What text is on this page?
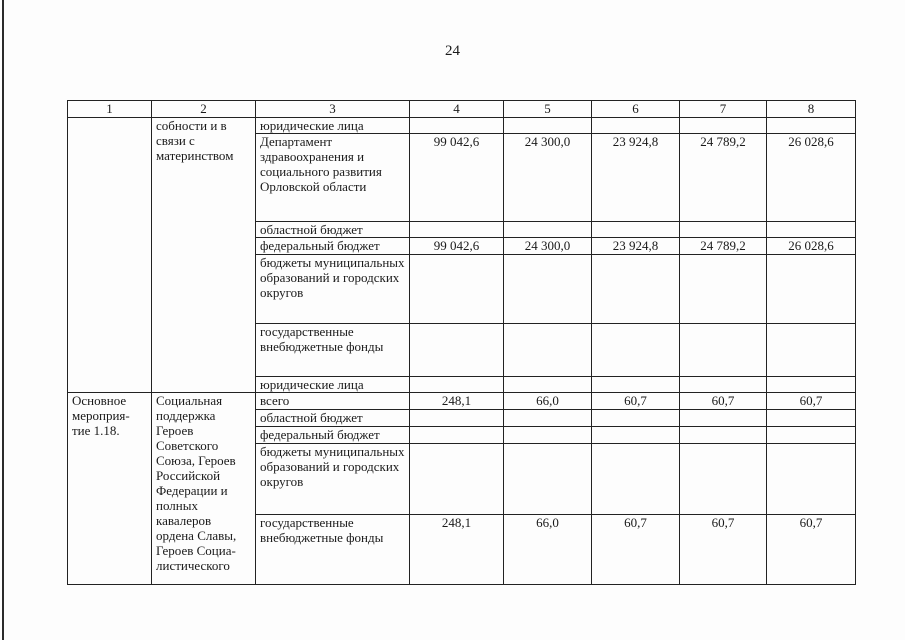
24
1	2	3	4	5	6	7	8
	собности и в связи с материнством	юридические лица					
		Департамент здравоохранения и социального развития Орловской области	99 042,6	24 300,0	23 924,8	24 789,2	26 028,6
		областной бюджет					
		федеральный бюджет	99 042,6	24 300,0	23 924,8	24 789,2	26 028,6
		бюджеты муниципальных образований и городских округов					
		государственные внебюджетные фонды					
		юридические лица					
Основное мероприя-тие 1.18.	Социальная поддержка Героев Советского Союза, Героев Российской Федерации и полных кавалеров ордена Славы, Героев Социа-листического	всего	248,1	66,0	60,7	60,7	60,7
		областной бюджет					
		федеральный бюджет					
		бюджеты муниципальных образований и городских округов					
		государственные внебюджетные фонды	248,1	66,0	60,7	60,7	60,7
